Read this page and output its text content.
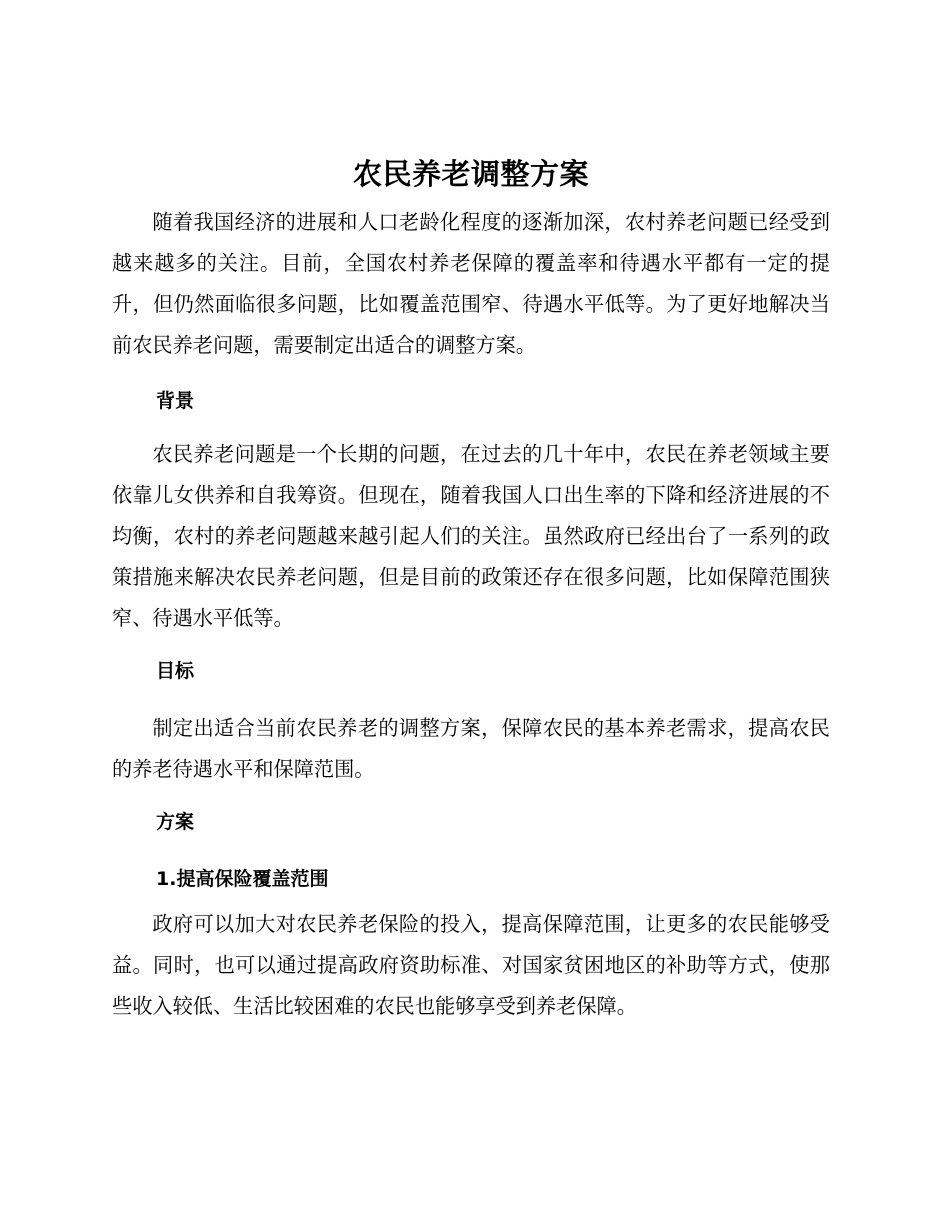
农民养老调整方案

随着我国经济的进展和人口老龄化程度的逐渐加深，农村养老问题已经受到越来越多的关注。目前，全国农村养老保障的覆盖率和待遇水平都有一定的提升，但仍然面临很多问题，比如覆盖范围窄、待遇水平低等。为了更好地解决当前农民养老问题，需要制定出适合的调整方案。

背景

农民养老问题是一个长期的问题，在过去的几十年中，农民在养老领域主要依靠儿女供养和自我筹资。但现在，随着我国人口出生率的下降和经济进展的不均衡，农村的养老问题越来越引起人们的关注。虽然政府已经出台了一系列的政策措施来解决农民养老问题，但是目前的政策还存在很多问题，比如保障范围狭窄、待遇水平低等。

目标

制定出适合当前农民养老的调整方案，保障农民的基本养老需求，提高农民的养老待遇水平和保障范围。

方案
1.提高保险覆盖范围

政府可以加大对农民养老保险的投入，提高保障范围，让更多的农民能够受益。同时，也可以通过提高政府资助标准、对国家贫困地区的补助等方式，使那些收入较低、生活比较困难的农民也能够享受到养老保障。
